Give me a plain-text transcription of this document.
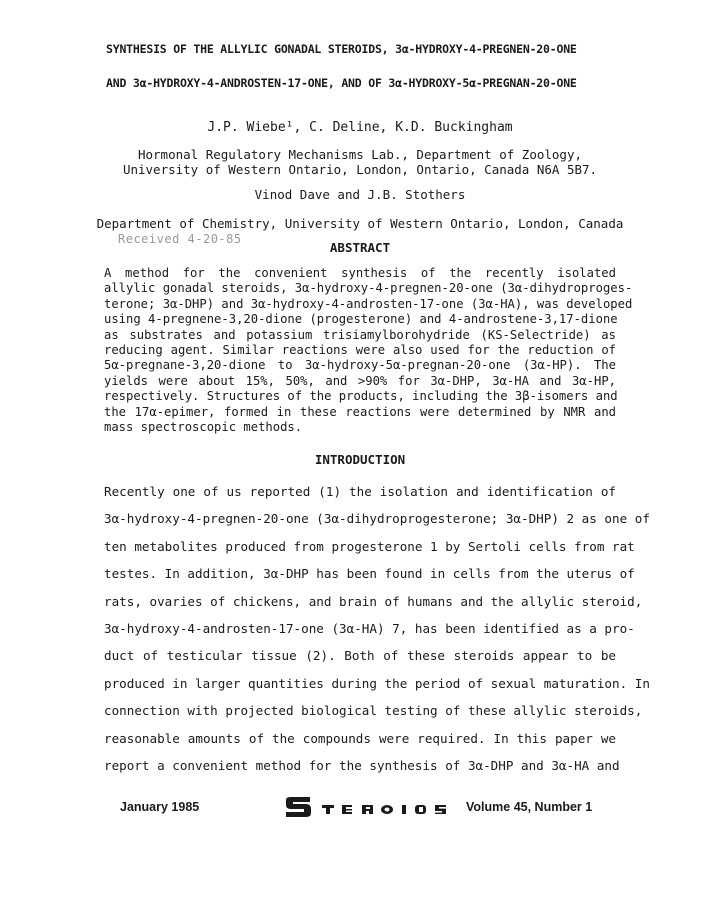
SYNTHESIS OF THE ALLYLIC GONADAL STEROIDS, 3α-HYDROXY-4-PREGNEN-20-ONE
AND 3α-HYDROXY-4-ANDROSTEN-17-ONE, AND OF 3α-HYDROXY-5α-PREGNAN-20-ONE
J.P. Wiebe¹, C. Deline, K.D. Buckingham
Hormonal Regulatory Mechanisms Lab., Department of Zoology,
University of Western Ontario, London, Ontario, Canada N6A 5B7.
Vinod Dave and J.B. Stothers
Department of Chemistry, University of Western Ontario, London, Canada
Received 4-20-85
ABSTRACT
A method for the convenient synthesis of the recently isolated
allylic gonadal steroids, 3α-hydroxy-4-pregnen-20-one (3α-dihydroproges-
terone; 3α-DHP) and 3α-hydroxy-4-androsten-17-one (3α-HA), was developed
using 4-pregnene-3,20-dione (progesterone) and 4-androstene-3,17-dione
as substrates and potassium trisiamylborohydride (KS-Selectride) as
reducing agent. Similar reactions were also used for the reduction of
5α-pregnane-3,20-dione to 3α-hydroxy-5α-pregnan-20-one (3α-HP). The
yields were about 15%, 50%, and >90% for 3α-DHP, 3α-HA and 3α-HP,
respectively. Structures of the products, including the 3β-isomers and
the 17α-epimer, formed in these reactions were determined by NMR and
mass spectroscopic methods.
INTRODUCTION
Recently one of us reported (1) the isolation and identification of
3α-hydroxy-4-pregnen-20-one (3α-dihydroprogesterone; 3α-DHP) 2 as one of
ten metabolites produced from progesterone 1 by Sertoli cells from rat
testes. In addition, 3α-DHP has been found in cells from the uterus of
rats, ovaries of chickens, and brain of humans and the allylic steroid,
3α-hydroxy-4-androsten-17-one (3α-HA) 7, has been identified as a pro-
duct of testicular tissue (2). Both of these steroids appear to be
produced in larger quantities during the period of sexual maturation. In
connection with projected biological testing of these allylic steroids,
reasonable amounts of the compounds were required. In this paper we
report a convenient method for the synthesis of 3α-DHP and 3α-HA and
January 1985	Volume 45, Number 1
